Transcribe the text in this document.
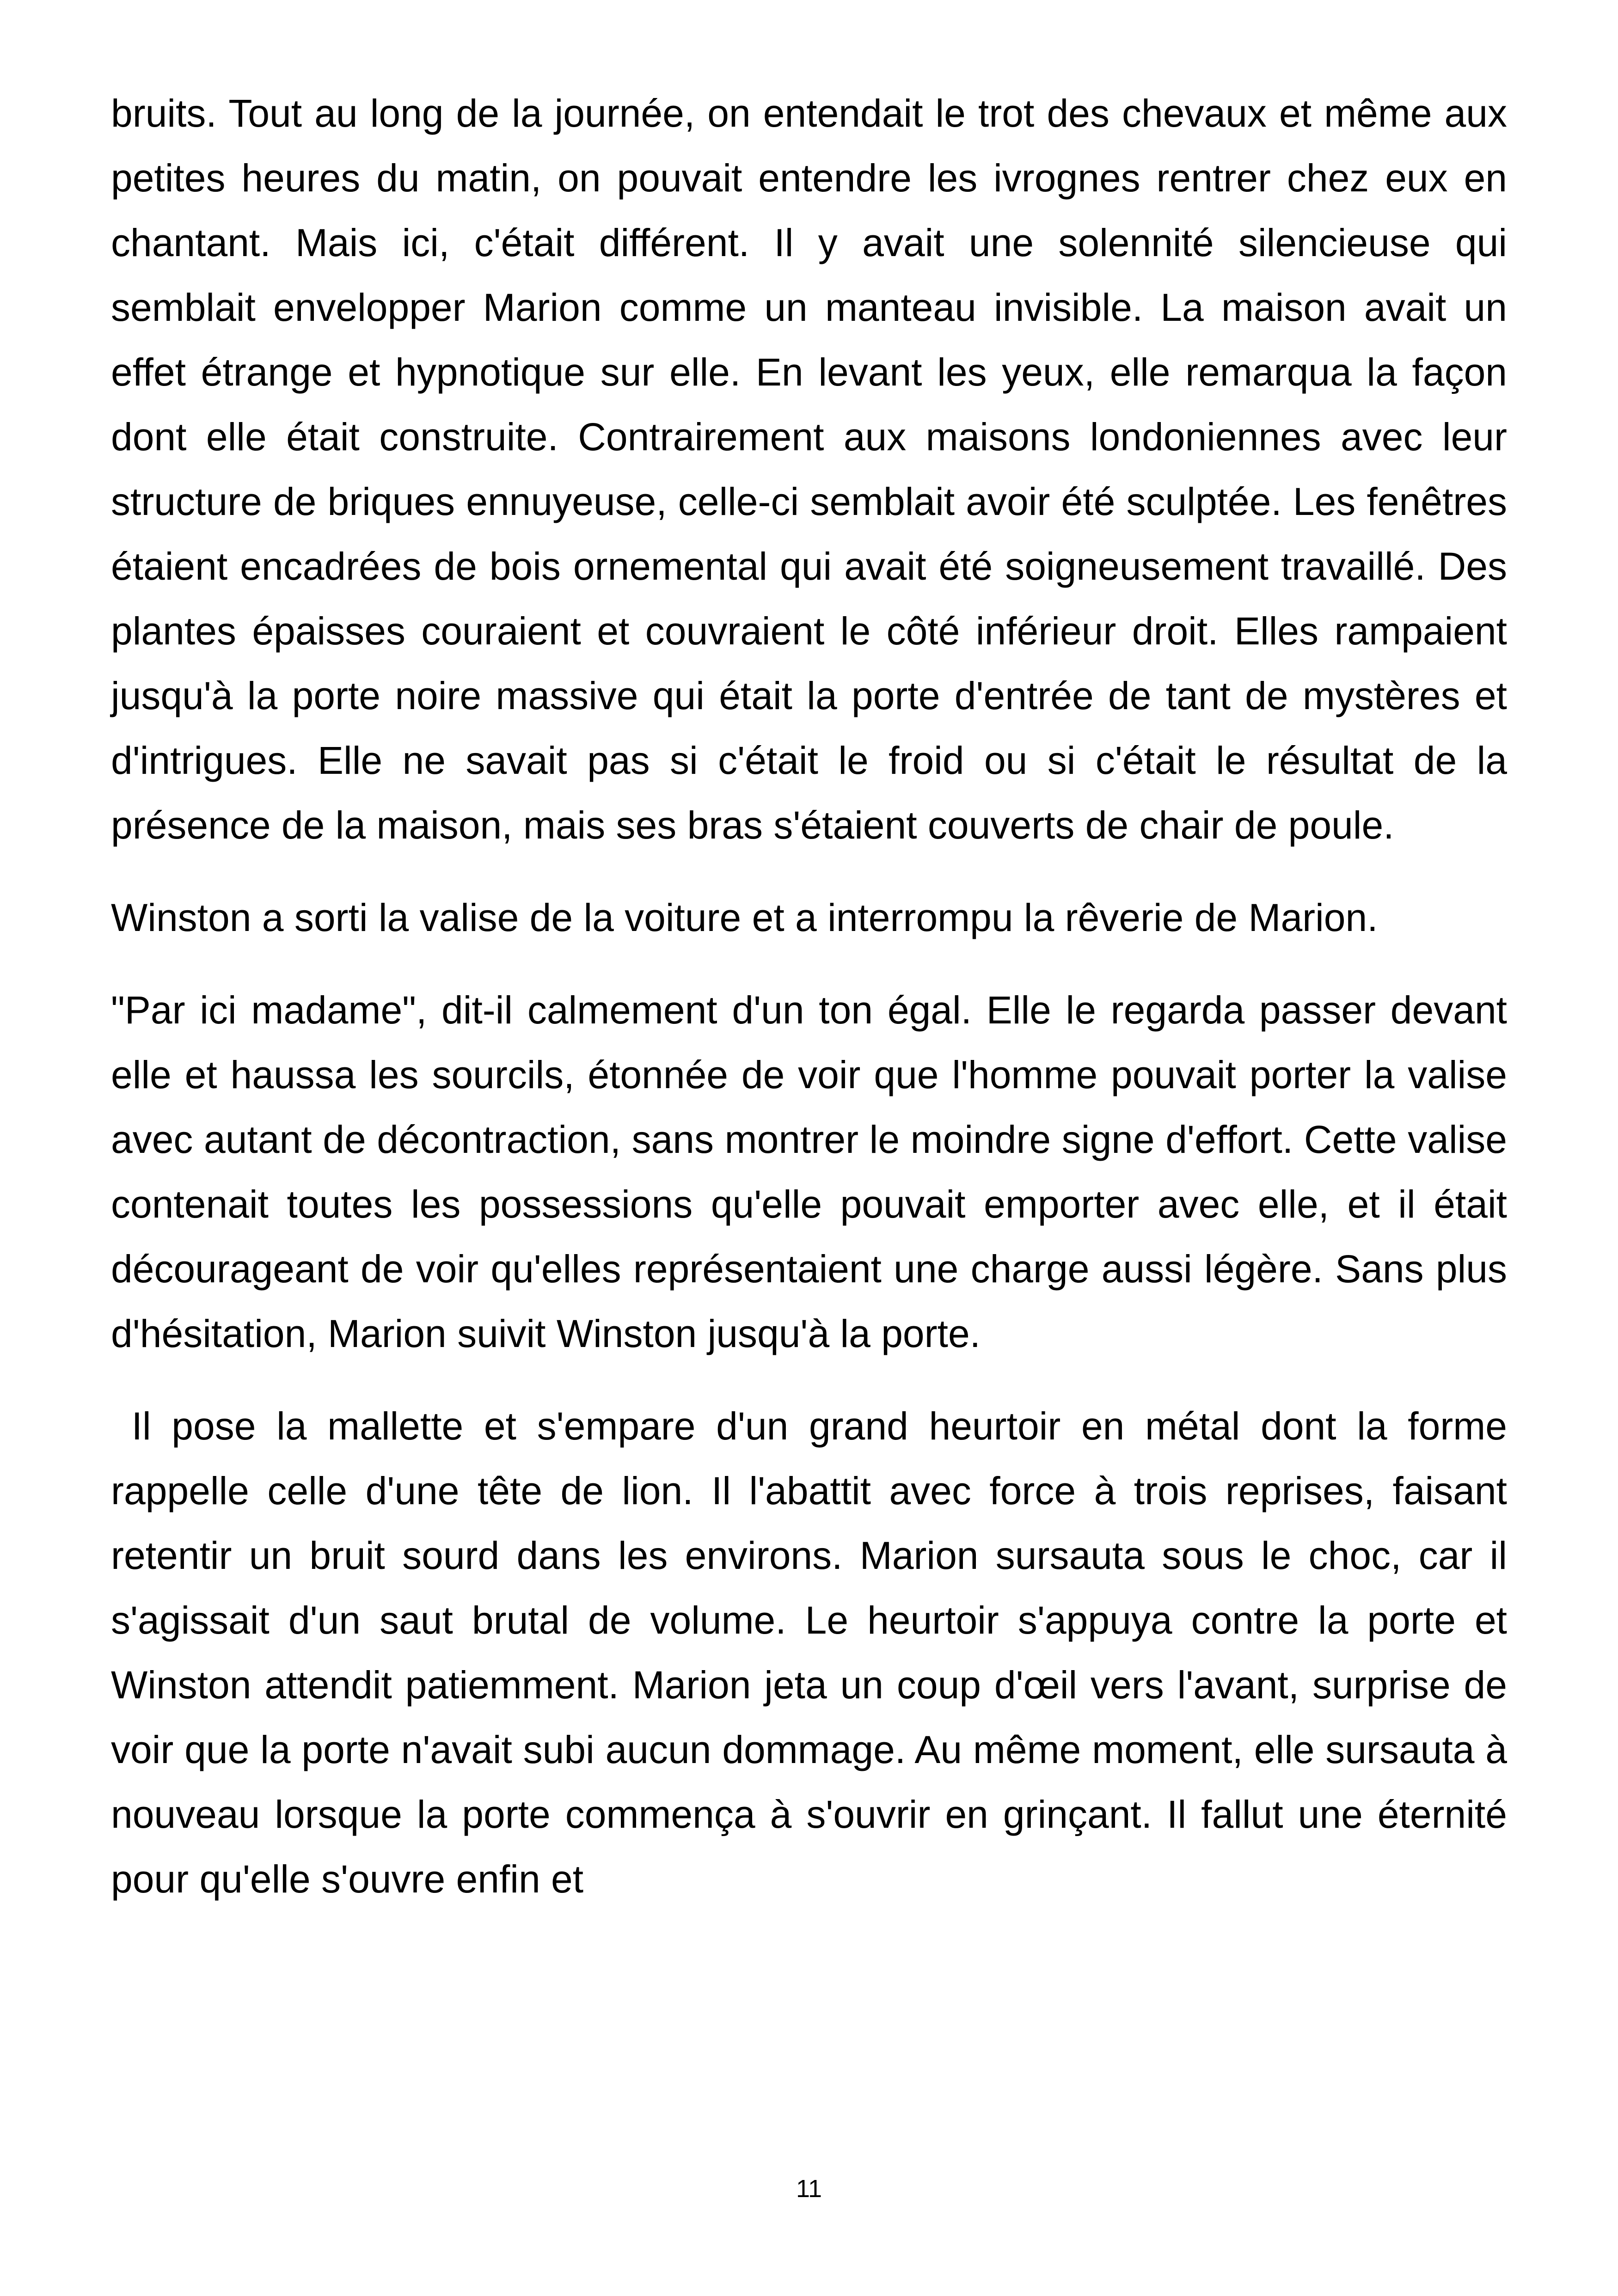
bruits. Tout au long de la journée, on entendait le trot des chevaux et même aux petites heures du matin, on pouvait entendre les ivrognes rentrer chez eux en chantant. Mais ici, c'était différent. Il y avait une solennité silencieuse qui semblait envelopper Marion comme un manteau invisible. La maison avait un effet étrange et hypnotique sur elle. En levant les yeux, elle remarqua la façon dont elle était construite. Contrairement aux maisons londoniennes avec leur structure de briques ennuyeuse, celle-ci semblait avoir été sculptée. Les fenêtres étaient encadrées de bois ornemental qui avait été soigneusement travaillé. Des plantes épaisses couraient et couvraient le côté inférieur droit. Elles rampaient jusqu'à la porte noire massive qui était la porte d'entrée de tant de mystères et d'intrigues. Elle ne savait pas si c'était le froid ou si c'était le résultat de la présence de la maison, mais ses bras s'étaient couverts de chair de poule.

Winston a sorti la valise de la voiture et a interrompu la rêverie de Marion.

"Par ici madame", dit-il calmement d'un ton égal. Elle le regarda passer devant elle et haussa les sourcils, étonnée de voir que l'homme pouvait porter la valise avec autant de décontraction, sans montrer le moindre signe d'effort. Cette valise contenait toutes les possessions qu'elle pouvait emporter avec elle, et il était décourageant de voir qu'elles représentaient une charge aussi légère. Sans plus d'hésitation, Marion suivit Winston jusqu'à la porte.

Il pose la mallette et s'empare d'un grand heurtoir en métal dont la forme rappelle celle d'une tête de lion. Il l'abattit avec force à trois reprises, faisant retentir un bruit sourd dans les environs. Marion sursauta sous le choc, car il s'agissait d'un saut brutal de volume. Le heurtoir s'appuya contre la porte et Winston attendit patiemment. Marion jeta un coup d'œil vers l'avant, surprise de voir que la porte n'avait subi aucun dommage. Au même moment, elle sursauta à nouveau lorsque la porte commença à s'ouvrir en grinçant. Il fallut une éternité pour qu'elle s'ouvre enfin et

11
